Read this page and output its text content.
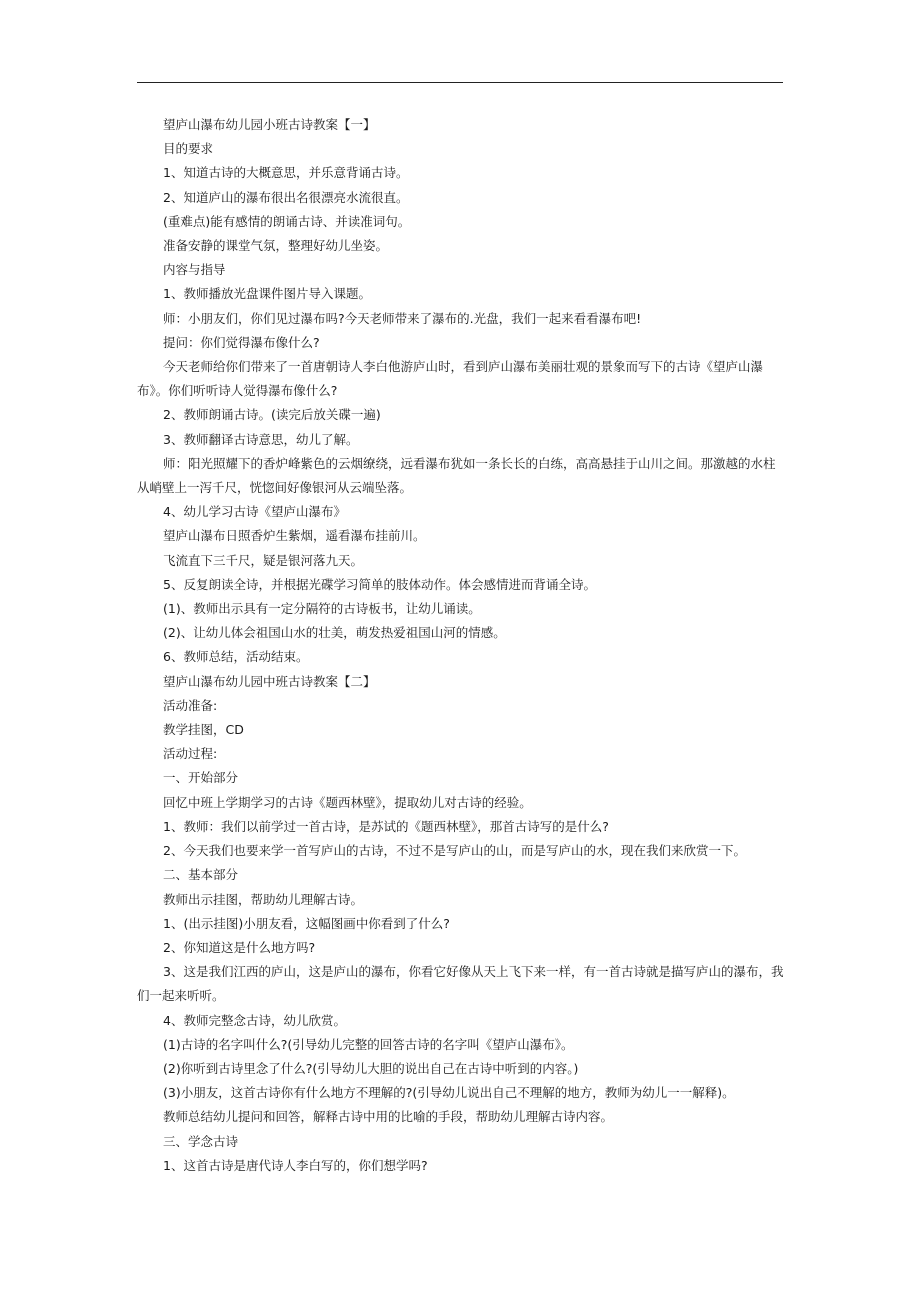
望庐山瀑布幼儿园小班古诗教案【一】

目的要求

1、知道古诗的大概意思，并乐意背诵古诗。

2、知道庐山的瀑布很出名很漂亮水流很直。

(重难点)能有感情的朗诵古诗、并读准词句。

准备安静的课堂气氛，整理好幼儿坐姿。

内容与指导

1、教师播放光盘课件图片导入课题。

师：小朋友们，你们见过瀑布吗?今天老师带来了瀑布的.光盘，我们一起来看看瀑布吧!

提问：你们觉得瀑布像什么?

今天老师给你们带来了一首唐朝诗人李白他游庐山时，看到庐山瀑布美丽壮观的景象而写下的古诗《望庐山瀑布》。你们听听诗人觉得瀑布像什么?

2、教师朗诵古诗。(读完后放关碟一遍)

3、教师翻译古诗意思，幼儿了解。

师：阳光照耀下的香炉峰紫色的云烟缭绕，远看瀑布犹如一条长长的白练，高高悬挂于山川之间。那激越的水柱从峭壁上一泻千尺，恍惚间好像银河从云端坠落。

4、幼儿学习古诗《望庐山瀑布》

望庐山瀑布日照香炉生紫烟，遥看瀑布挂前川。

飞流直下三千尺，疑是银河落九天。

5、反复朗读全诗，并根据光碟学习简单的肢体动作。体会感情进而背诵全诗。

(1)、教师出示具有一定分隔符的古诗板书，让幼儿诵读。

(2)、让幼儿体会祖国山水的壮美，萌发热爱祖国山河的情感。

6、教师总结，活动结束。

望庐山瀑布幼儿园中班古诗教案【二】

活动准备:

教学挂图，CD

活动过程:

一、开始部分

回忆中班上学期学习的古诗《题西林壁》，提取幼儿对古诗的经验。

1、教师：我们以前学过一首古诗，是苏试的《题西林壁》，那首古诗写的是什么?

2、今天我们也要来学一首写庐山的古诗，不过不是写庐山的山，而是写庐山的水，现在我们来欣赏一下。

二、基本部分

教师出示挂图，帮助幼儿理解古诗。

1、(出示挂图)小朋友看，这幅图画中你看到了什么?

2、你知道这是什么地方吗?

3、这是我们江西的庐山，这是庐山的瀑布，你看它好像从天上飞下来一样，有一首古诗就是描写庐山的瀑布，我们一起来听听。

4、教师完整念古诗，幼儿欣赏。

(1)古诗的名字叫什么?(引导幼儿完整的回答古诗的名字叫《望庐山瀑布》。

(2)你听到古诗里念了什么?(引导幼儿大胆的说出自己在古诗中听到的内容。)

(3)小朋友，这首古诗你有什么地方不理解的?(引导幼儿说出自己不理解的地方，教师为幼儿一一解释)。

教师总结幼儿提问和回答，解释古诗中用的比喻的手段，帮助幼儿理解古诗内容。

三、学念古诗

1、这首古诗是唐代诗人李白写的，你们想学吗?
